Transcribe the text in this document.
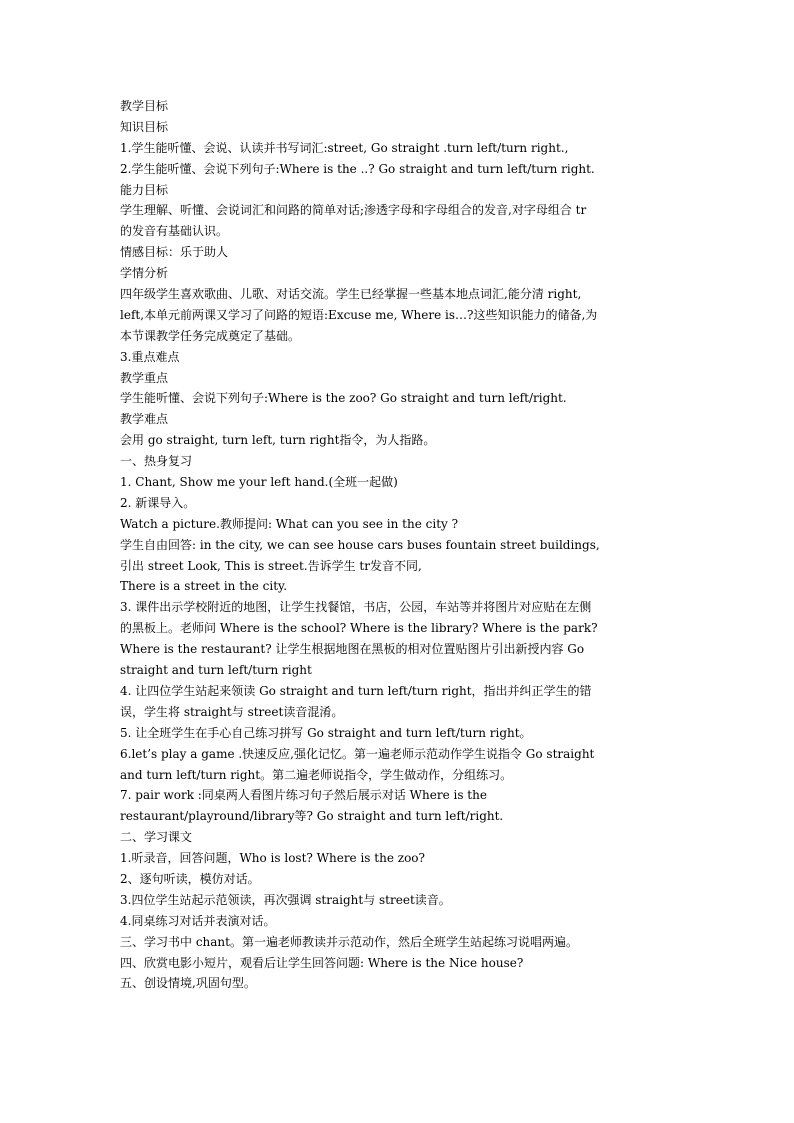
教学目标
知识目标
1.学生能听懂、会说、认读并书写词汇:street, Go straight .turn left/turn right.,
2.学生能听懂、会说下列句子:Where is the ..? Go straight and turn left/turn right.
能力目标
学生理解、听懂、会说词汇和问路的简单对话;渗透字母和字母组合的发音,对字母组合 tr
的发音有基础认识。
情感目标：乐于助人
学情分析
四年级学生喜欢歌曲、儿歌、对话交流。学生已经掌握一些基本地点词汇,能分清 right,
left,本单元前两课又学习了问路的短语:Excuse me, Where is…?这些知识能力的储备,为
本节课教学任务完成奠定了基础。
3.重点难点
教学重点
学生能听懂、会说下列句子:Where is the zoo? Go straight and turn left/right.
教学难点
会用 go straight, turn left, turn right指令，为人指路。
一、热身复习
1. Chant, Show me your left hand.(全班一起做)
2. 新课导入。
Watch a picture.教师提问: What can you see in the city ?
学生自由回答: in the city, we can see house cars buses fountain street buildings,
引出 street Look, This is street.告诉学生 tr发音不同,
There is a street in the city.
3. 课件出示学校附近的地图，让学生找餐馆，书店，公园，车站等并将图片对应贴在左侧
的黑板上。老师问 Where is the school? Where is the library? Where is the park?
Where is the restaurant? 让学生根据地图在黑板的相对位置贴图片引出新授内容 Go
straight and turn left/turn right
4. 让四位学生站起来领读 Go straight and turn left/turn right，指出并纠正学生的错
误，学生将 straight与 street读音混淆。
5. 让全班学生在手心自己练习拼写 Go straight and turn left/turn right。
6.let’s play a game .快速反应,强化记忆。第一遍老师示范动作学生说指令 Go straight
and turn left/turn right。第二遍老师说指令，学生做动作，分组练习。
7. pair work :同桌两人看图片练习句子然后展示对话 Where is the
restaurant/playround/library等? Go straight and turn left/right.
二、学习课文
1.听录音，回答问题，Who is lost? Where is the zoo?
2、逐句听读，模仿对话。
3.四位学生站起示范领读，再次强调 straight与 street读音。
4.同桌练习对话并表演对话。
三、学习书中 chant。第一遍老师教读并示范动作，然后全班学生站起练习说唱两遍。
四、欣赏电影小短片，观看后让学生回答问题: Where is the Nice house?
五、创设情境,巩固句型。
